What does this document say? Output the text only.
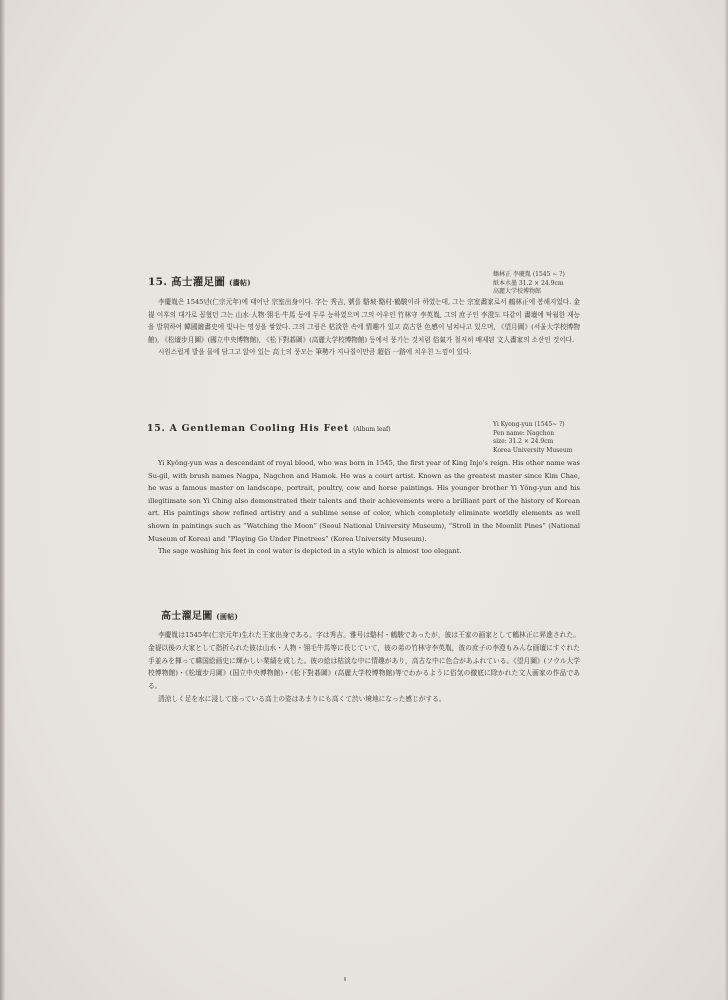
15. 高士濯足圖 (畵帖)
鶴林正 李慶胤 (1545 ~ ?)
紙本水墨 31.2 × 24.9cm
高麗大学校博物館

李慶胤은 1545년(仁宗元年)에 태어난 宗室出身이다. 字는 秀吉, 號를 駱坡·駱村·鶴駿이라 하였는데, 그는 宗室畵家로서 鶴林正에 봉해지었다. 金禔 이후의 대가로 꼽혔던 그는 山水·人物·翎毛·牛馬 등에 두루 능하였으며 그의 아우인 竹林守 李英胤, 그의 庶子인 李澄도 다같이 畵壇에 탁월한 재능을 발휘하여 韓國繪畵史에 빛나는 명성을 쌓았다. 그의 그림은 枯淡한 속에 情趣가 있고 高古한 色感이 넘쳐나고 있으며, 《望月圖》(서울大学校博物館), 《松壇步月圖》(國立中央博物館), 《松下對碁圖》(高麗大学校博物館) 등에서 풍기는 것처럼 俗氣가 철저히 배제된 文人畵家의 소산인 것이다.

시원스럽게 발을 물에 담그고 앉아 있는 高士의 풍모는 筆勢가 지나칠이만큼 超俗 一路에 치우친 느낌이 있다.

15. A Gentleman Cooling His Feet (Album leaf)
Yi Kyong-yun (1545~ ?)
Pen name: Nagchon
size: 31.2 × 24.9cm
Korea University Museum

Yi Kyŏng-yun was a descendant of royal blood, who was born in 1545, the first year of King Injo's reign. His other name was Su-gil, with brush names Nagpa, Nagchon and Hamok. He was a court artist. Known as the greatest master since Kim Chae, he was a famous master on landscape, portrait, poultry, cow and horse paintings. His younger brother Yi Yŏng-yun and his illegitimate son Yi Ching also demonstrated their talents and their achievements were a brilliant part of the history of Korean art. His paintings show refined artistry and a sublime sense of color, which completely eliminate worldly elements as well shown in paintings such as “Watching the Moon” (Seoul National University Museum), “Stroll in the Moonlit Pines” (National Museum of Korea) and “Playing Go Under Pinetrees” (Korea University Museum).

The sage washing his feet in cool water is depicted in a style which is almost too elegant.

高士濯足圖 (画帖)

李慶胤は1545年(仁宗元年)生れた王家出身である。字は秀吉。雅号は駱村・鶴駿であったが，彼は王家の画家として鶴林正に昇進された。金禔以後の大家として指折られた彼は山水・人物・翎毛牛馬等に長じていて，彼の弟の竹林守李英胤，彼の庶子の李澄もみんな画壇にすぐれた手並みを揮って韓国絵画史に輝かしい業績を成した。彼の絵は枯淡な中に情趣があり，高古な中に色合があふれている。《望月圖》(ソウル大学校博物館)・《松壇步月圖》(国立中央博物館)・《松下對碁圖》(高麗大学校博物館)等でわかるように俗気の徹底に除かれた文人画家の作品である。

清涼しく足を水に浸して座っている高士の姿はあまりにも高くて渋い境地になった感じがする。
